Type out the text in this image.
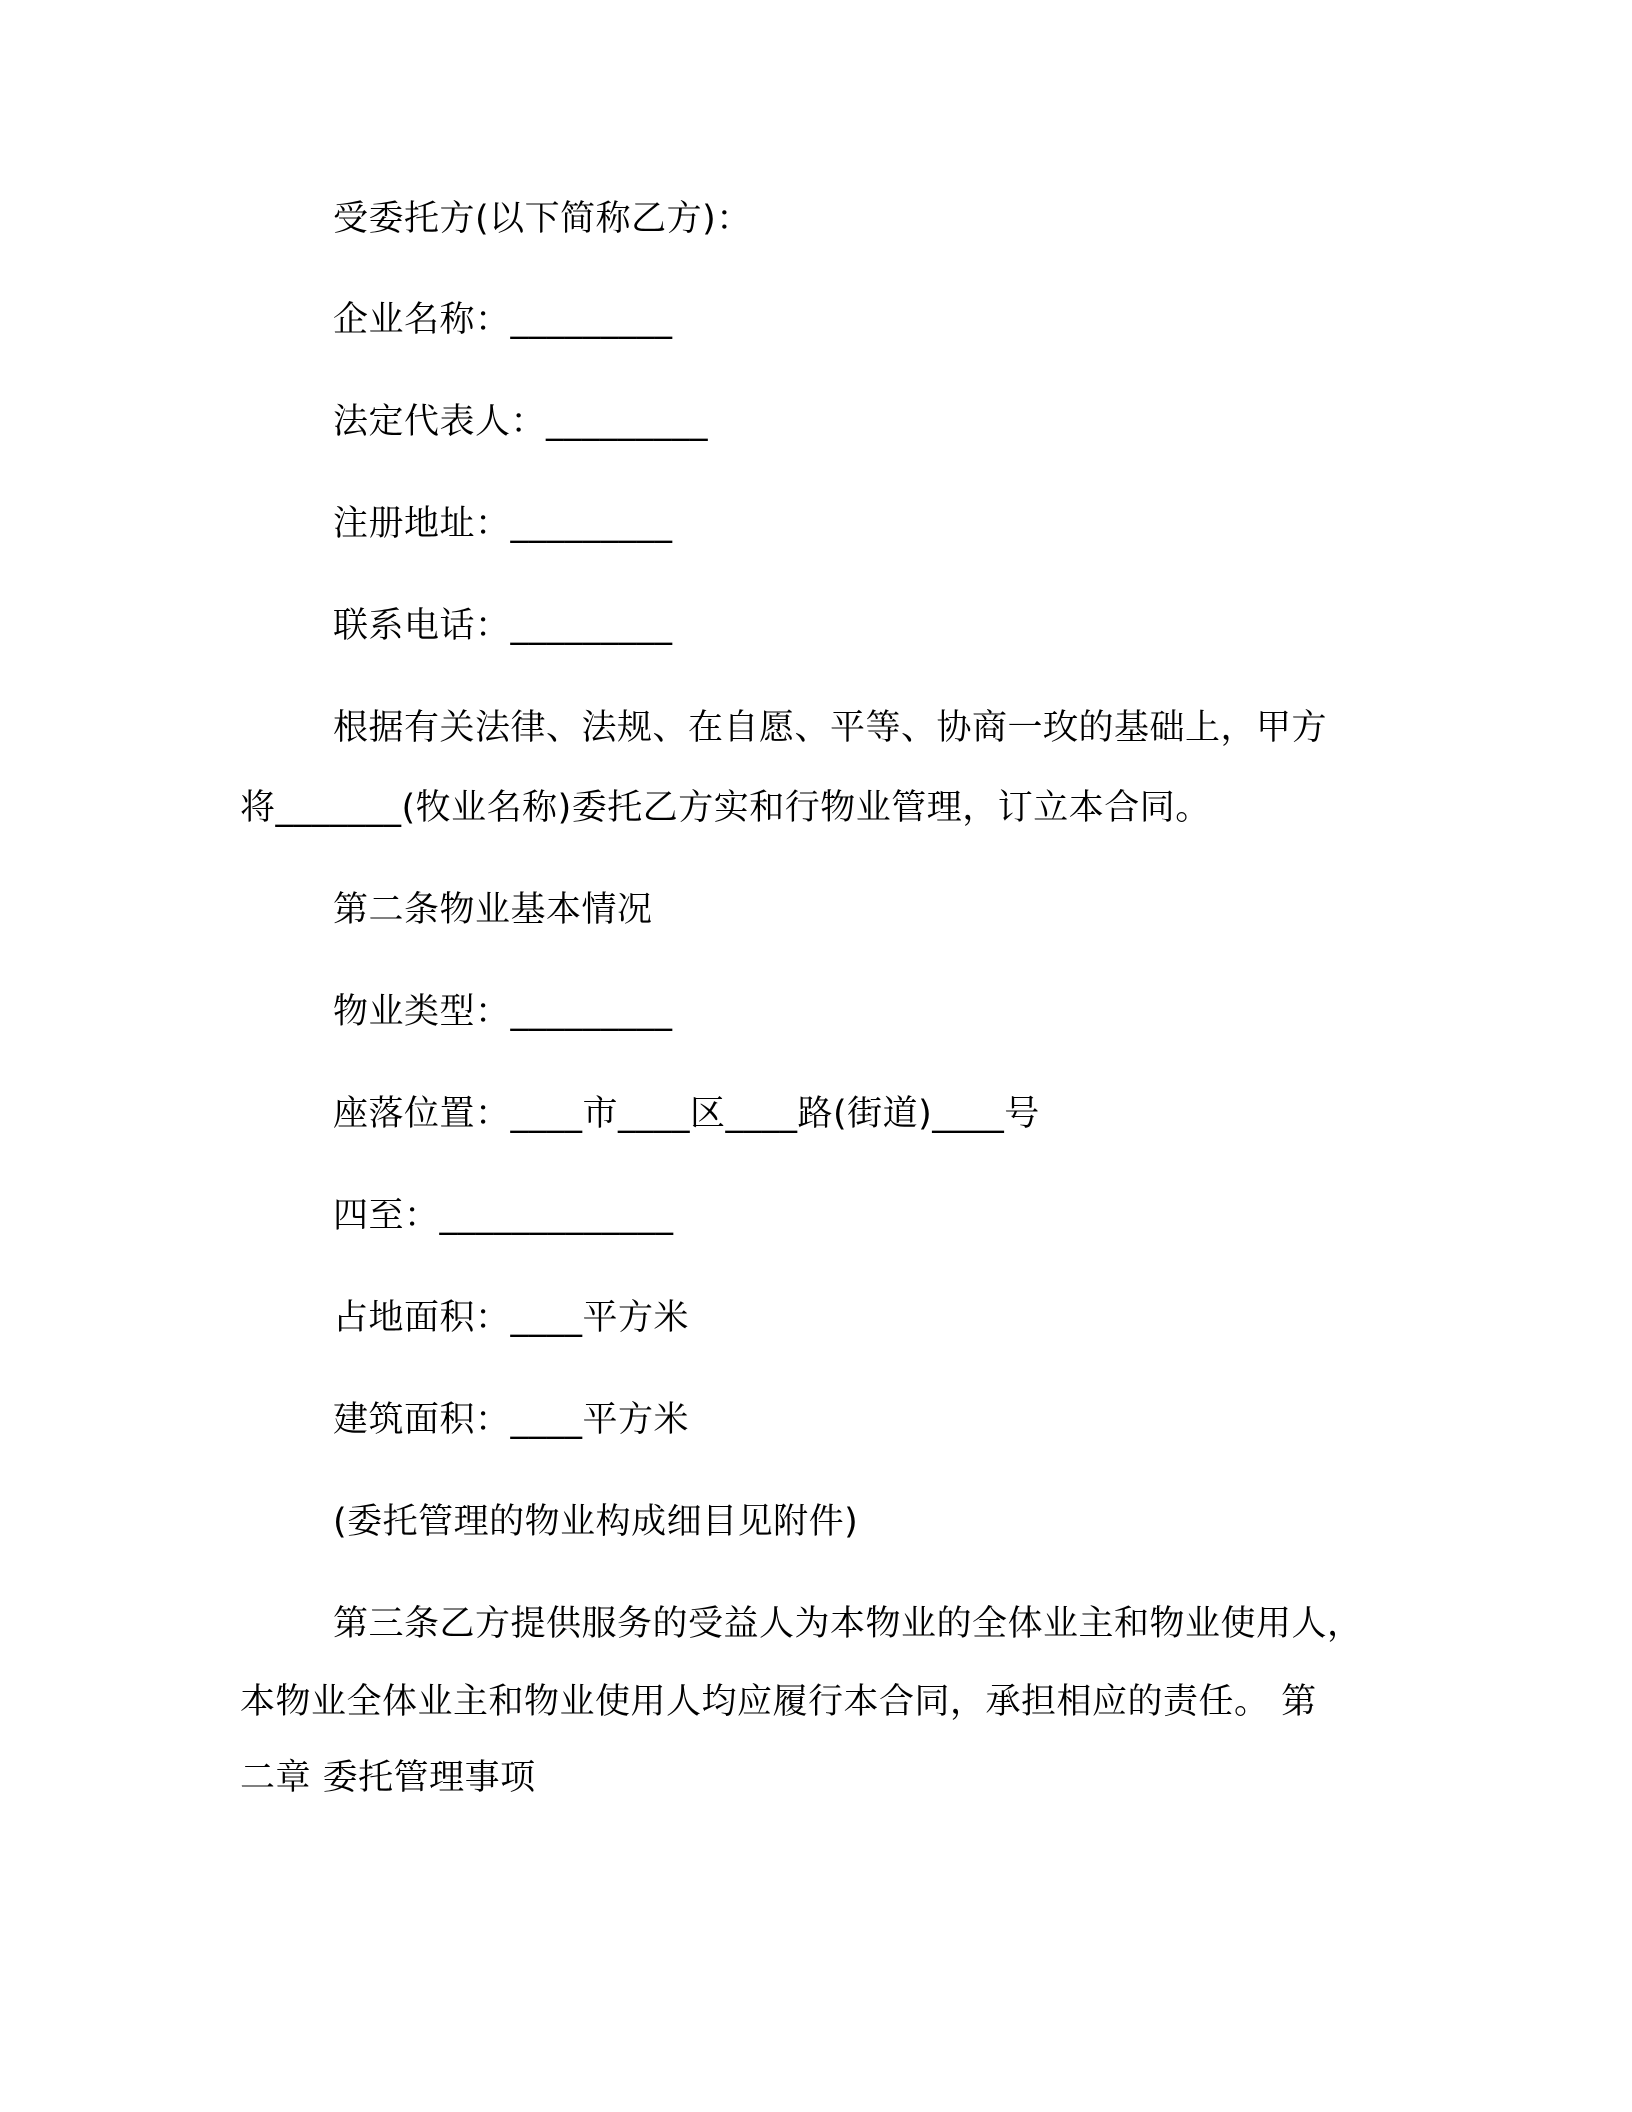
受委托方(以下简称乙方)：
企业名称：_________
法定代表人：_________
注册地址：_________
联系电话：_________
根据有关法律、法规、在自愿、平等、协商一玫的基础上，甲方
将_______(牧业名称)委托乙方实和行物业管理，订立本合同。
第二条物业基本情况
物业类型：_________
座落位置：____市____区____路(街道)____号
四至：_____________
占地面积：____平方米
建筑面积：____平方米
(委托管理的物业构成细目见附件)
第三条乙方提供服务的受益人为本物业的全体业主和物业使用人，
本物业全体业主和物业使用人均应履行本合同，承担相应的责任。 第
二章 委托管理事项
